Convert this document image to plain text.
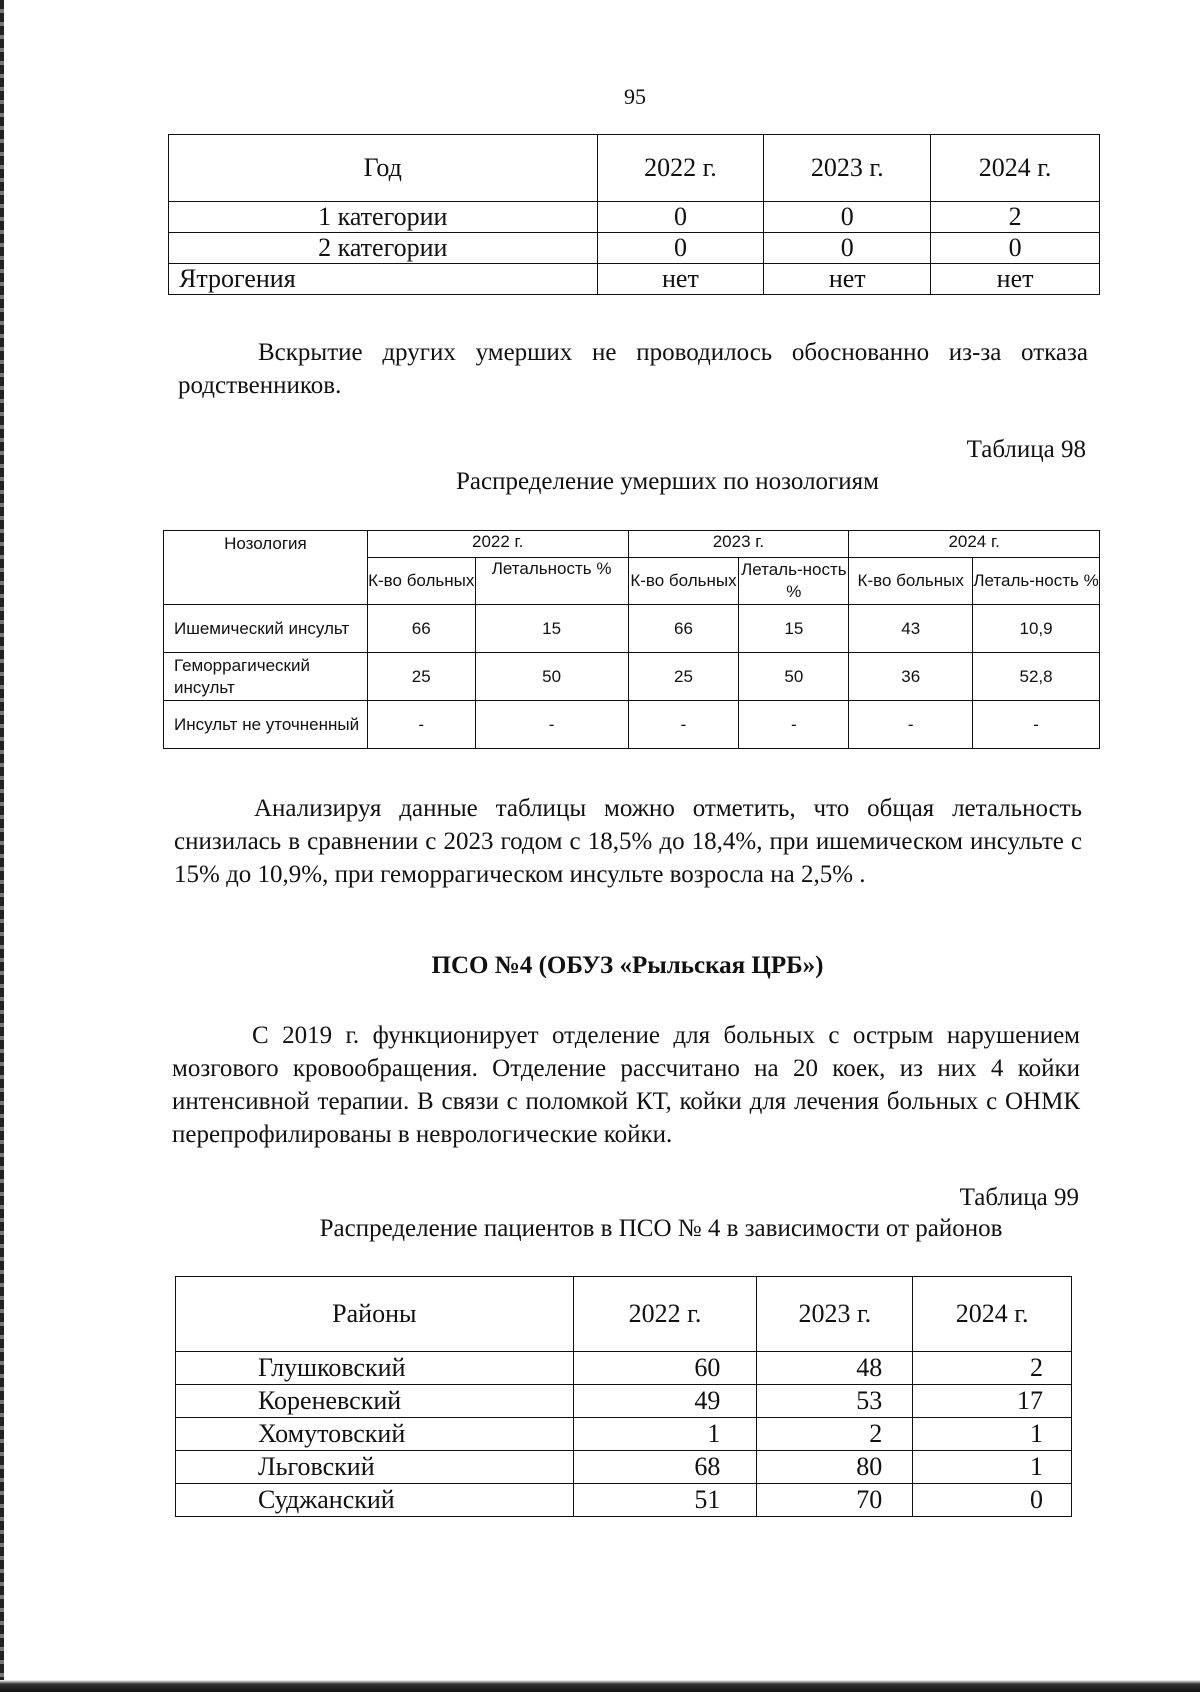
95
Год	2022 г.	2023 г.	2024 г.
1 категории	0	0	2
2 категории	0	0	0
Ятрогения	нет	нет	нет
Вскрытие других умерших не проводилось обоснованно из-за отказа родственников.
Таблица 98
Распределение умерших по нозологиям
Нозология	2022 г.		2023 г.		2024 г.	
	К-во больных	Летальность %	К-во больных	Леталь-ность %	К-во больных	Леталь-ность %
Ишемический инсульт	66	15	66	15	43	10,9
Геморрагический инсульт	25	50	25	50	36	52,8
Инсульт не уточненный	-	-	-	-	-	-
Анализируя данные таблицы можно отметить, что общая летальность снизилась в сравнении с 2023 годом с 18,5% до 18,4%, при ишемическом инсульте с 15% до 10,9%, при геморрагическом инсульте возросла на 2,5% .
ПСО №4 (ОБУЗ «Рыльская ЦРБ»)
С 2019 г. функционирует отделение для больных с острым нарушением мозгового кровообращения. Отделение рассчитано на 20 коек, из них 4 койки интенсивной терапии. В связи с поломкой КТ, койки для лечения больных с ОНМК перепрофилированы в неврологические койки.
Таблица 99
Распределение пациентов в ПСО № 4 в зависимости от районов
Районы	2022 г.	2023 г.	2024 г.
Глушковский	60	48	2
Кореневский	49	53	17
Хомутовский	1	2	1
Льговский	68	80	1
Суджанский	51	70	0
